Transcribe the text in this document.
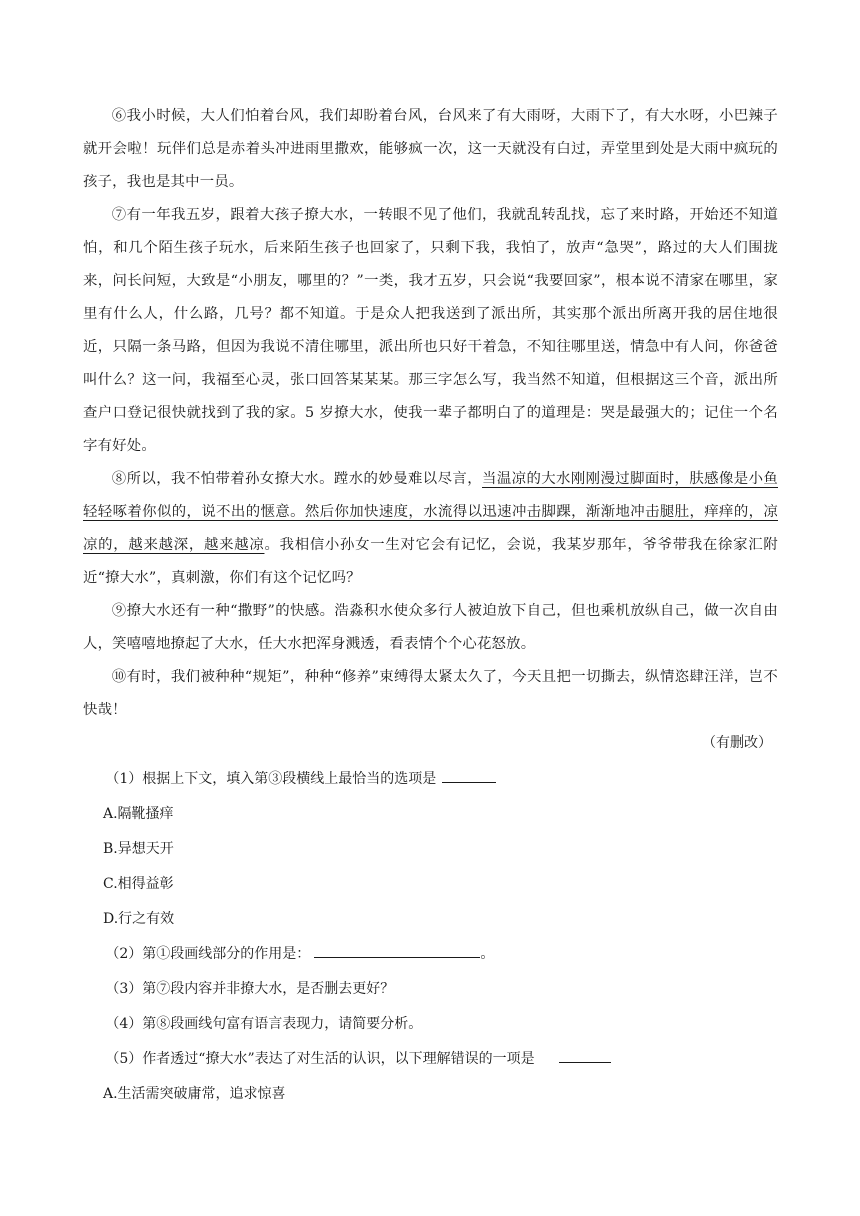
⑥我小时候，大人们怕着台风，我们却盼着台风，台风来了有大雨呀，大雨下了，有大水呀，小巴辣子就开会啦！玩伴们总是赤着头冲进雨里撒欢，能够疯一次，这一天就没有白过，弄堂里到处是大雨中疯玩的孩子，我也是其中一员。

⑦有一年我五岁，跟着大孩子撩大水，一转眼不见了他们，我就乱转乱找，忘了来时路，开始还不知道怕，和几个陌生孩子玩水，后来陌生孩子也回家了，只剩下我，我怕了，放声“急哭”，路过的大人们围拢来，问长问短，大致是“小朋友，哪里的？”一类，我才五岁，只会说“我要回家”，根本说不清家在哪里，家里有什么人，什么路，几号？都不知道。于是众人把我送到了派出所，其实那个派出所离开我的居住地很近，只隔一条马路，但因为我说不清住哪里，派出所也只好干着急，不知往哪里送，情急中有人问，你爸爸叫什么？这一问，我福至心灵，张口回答某某某。那三字怎么写，我当然不知道，但根据这三个音，派出所查户口登记很快就找到了我的家。5 岁撩大水，使我一辈子都明白了的道理是：哭是最强大的；记住一个名字有好处。

⑧所以，我不怕带着孙女撩大水。蹚水的妙曼难以尽言，当温凉的大水刚刚漫过脚面时，肤感像是小鱼轻轻啄着你似的，说不出的惬意。然后你加快速度，水流得以迅速冲击脚踝，渐渐地冲击腿肚，痒痒的，凉凉的，越来越深，越来越凉。我相信小孙女一生对它会有记忆，会说，我某岁那年，爷爷带我在徐家汇附近“撩大水”，真刺激，你们有这个记忆吗？

⑨撩大水还有一种“撒野”的快感。浩淼积水使众多行人被迫放下自己，但也乘机放纵自己，做一次自由人，笑嘻嘻地撩起了大水，任大水把浑身溅透，看表情个个心花怒放。

⑩有时，我们被种种“规矩”，种种“修养”束缚得太紧太久了，今天且把一切撕去，纵情恣肆汪洋，岂不快哉！

（有删改）

（1）根据上下文，填入第③段横线上最恰当的选项是

A.隔靴搔痒

B.异想天开

C.相得益彰

D.行之有效

（2）第①段画线部分的作用是：	。

（3）第⑦段内容并非撩大水，是否删去更好？

（4）第⑧段画线句富有语言表现力，请简要分析。

（5）作者透过“撩大水”表达了对生活的认识，以下理解错误的一项是

A.生活需突破庸常，追求惊喜
